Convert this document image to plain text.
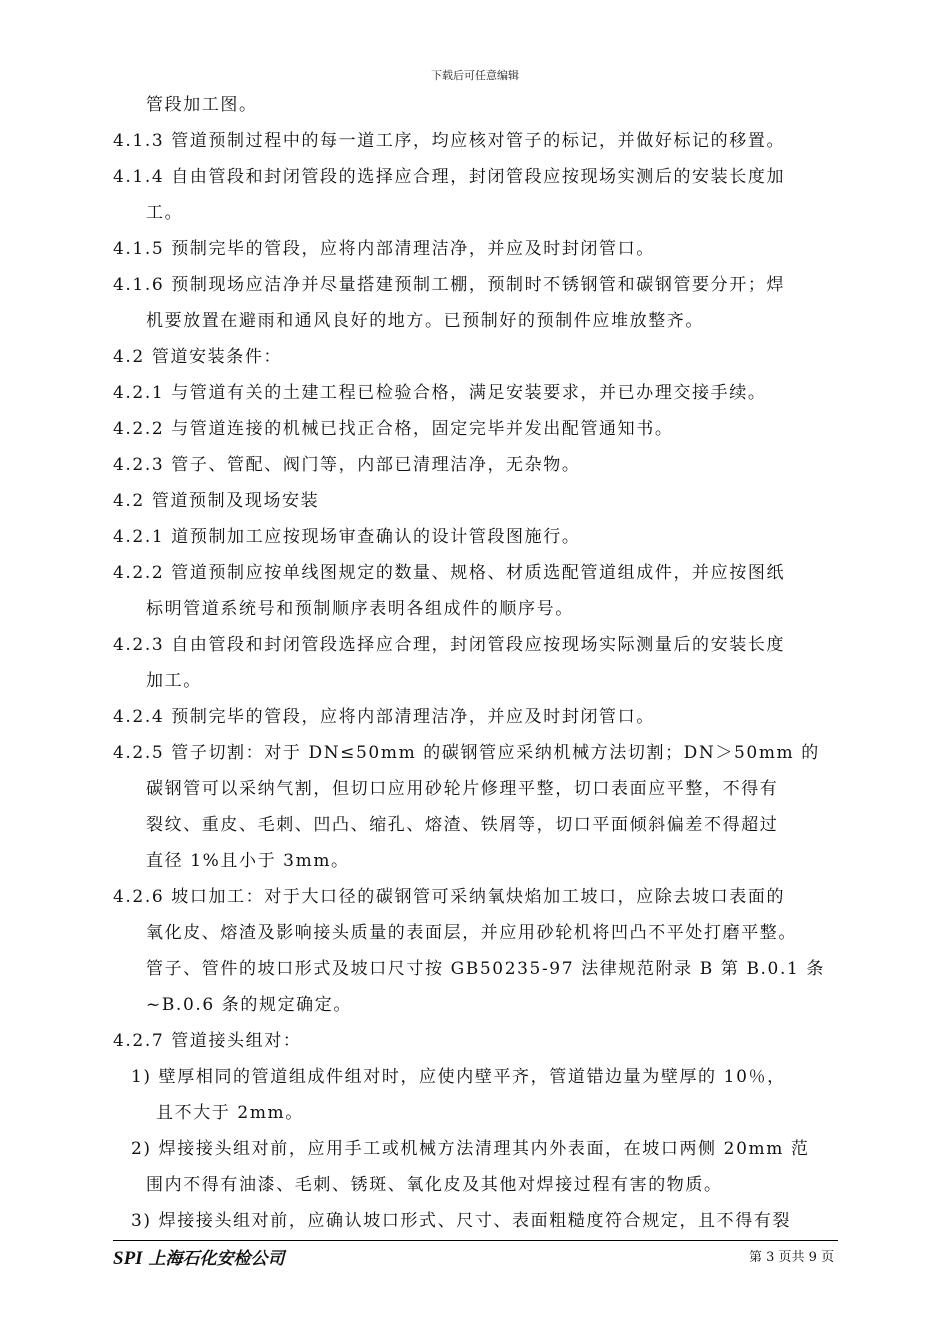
下载后可任意编辑
管段加工图。
4.1.3 管道预制过程中的每一道工序，均应核对管子的标记，并做好标记的移置。
4.1.4 自由管段和封闭管段的选择应合理，封闭管段应按现场实测后的安装长度加
工。
4.1.5 预制完毕的管段，应将内部清理洁净，并应及时封闭管口。
4.1.6 预制现场应洁净并尽量搭建预制工棚，预制时不锈钢管和碳钢管要分开；焊
机要放置在避雨和通风良好的地方。已预制好的预制件应堆放整齐。
4.2 管道安装条件：
4.2.1 与管道有关的土建工程已检验合格，满足安装要求，并已办理交接手续。
4.2.2 与管道连接的机械已找正合格，固定完毕并发出配管通知书。
4.2.3 管子、管配、阀门等，内部已清理洁净，无杂物。
4.2 管道预制及现场安装
4.2.1 道预制加工应按现场审查确认的设计管段图施行。
4.2.2 管道预制应按单线图规定的数量、规格、材质选配管道组成件，并应按图纸
标明管道系统号和预制顺序表明各组成件的顺序号。
4.2.3 自由管段和封闭管段选择应合理，封闭管段应按现场实际测量后的安装长度
加工。
4.2.4 预制完毕的管段，应将内部清理洁净，并应及时封闭管口。
4.2.5 管子切割：对于 DN≤50mm 的碳钢管应采纳机械方法切割；DN＞50mm 的
碳钢管可以采纳气割，但切口应用砂轮片修理平整，切口表面应平整，不得有
裂纹、重皮、毛刺、凹凸、缩孔、熔渣、铁屑等，切口平面倾斜偏差不得超过
直径 1%且小于 3mm。
4.2.6 坡口加工：对于大口径的碳钢管可采纳氧炔焰加工坡口，应除去坡口表面的
氧化皮、熔渣及影响接头质量的表面层，并应用砂轮机将凹凸不平处打磨平整。
管子、管件的坡口形式及坡口尺寸按 GB50235-97 法律规范附录 B 第 B.0.1 条
~B.0.6 条的规定确定。
4.2.7 管道接头组对：
1) 壁厚相同的管道组成件组对时，应使内壁平齐，管道错边量为壁厚的 10％，
且不大于 2mm。
2) 焊接接头组对前，应用手工或机械方法清理其内外表面，在坡口两侧 20mm 范
围内不得有油漆、毛刺、锈斑、氧化皮及其他对焊接过程有害的物质。
3) 焊接接头组对前，应确认坡口形式、尺寸、表面粗糙度符合规定，且不得有裂
SPI 上海石化安检公司	第 3 页共 9 页
